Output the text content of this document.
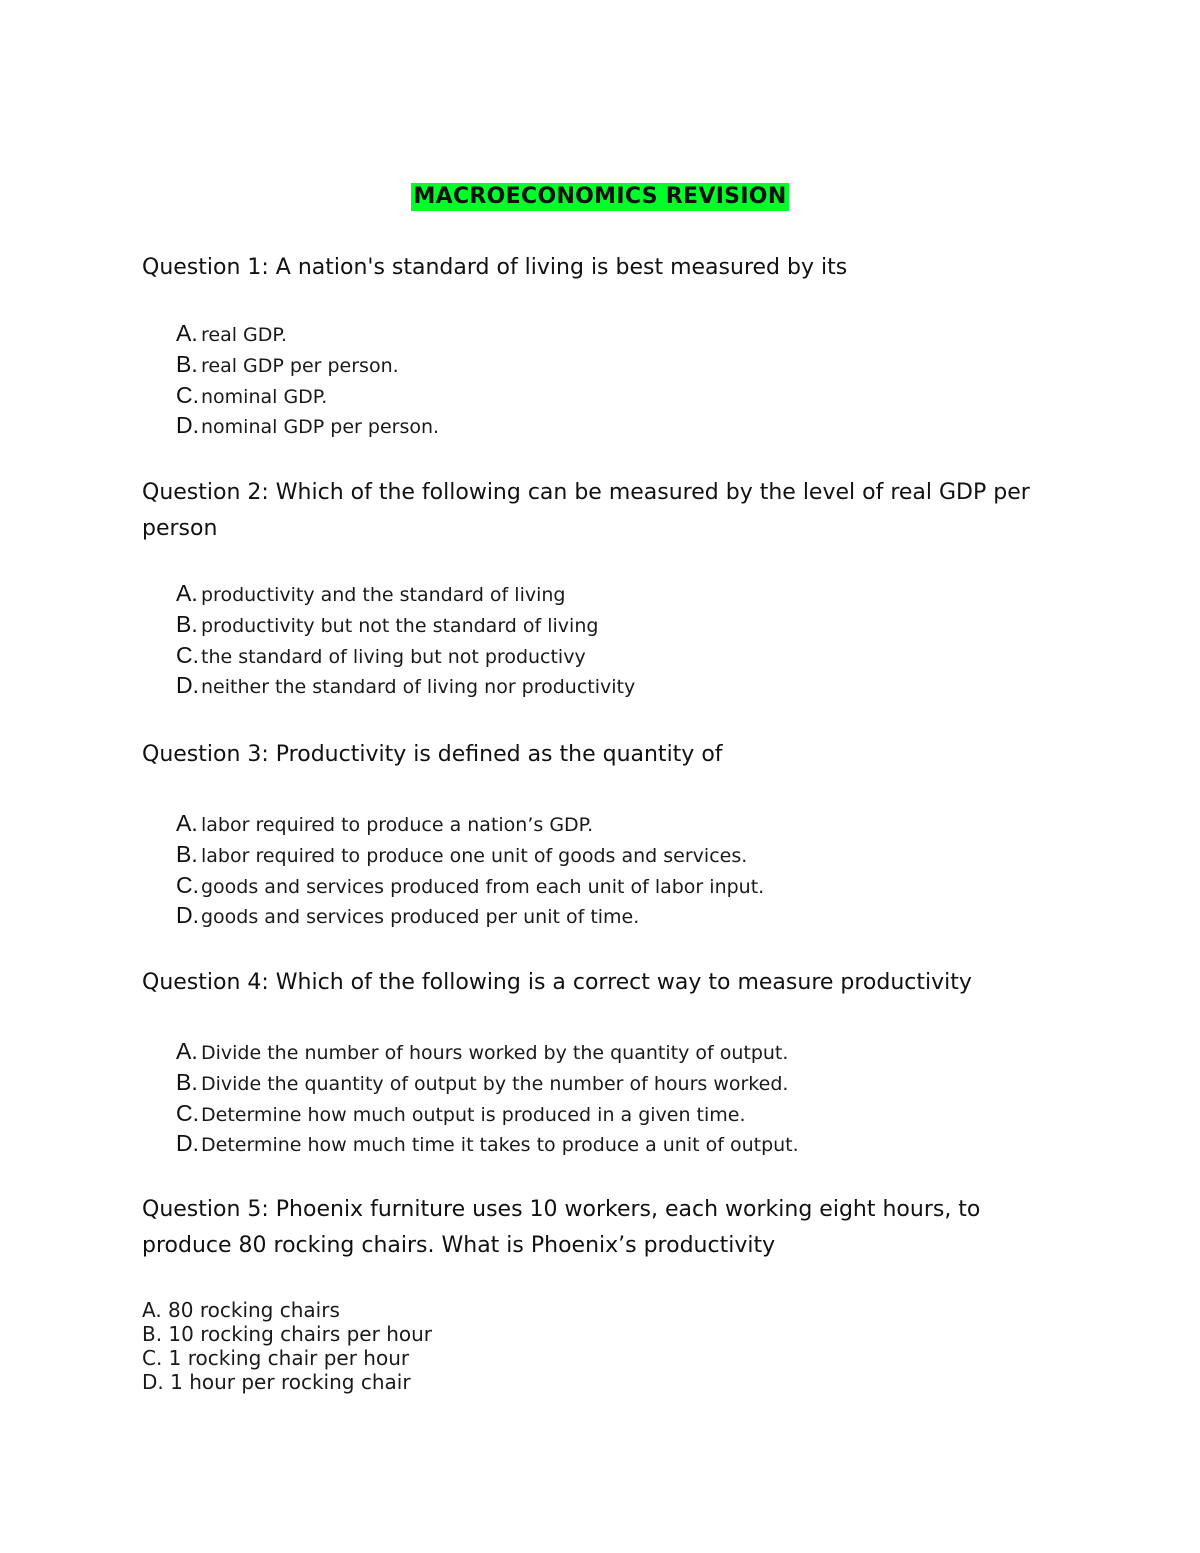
MACROECONOMICS REVISION

Question 1: A nation's standard of living is best measured by its

A. real GDP.
B. real GDP per person.
C. nominal GDP.
D. nominal GDP per person.

Question 2: Which of the following can be measured by the level of real GDP per person

A. productivity and the standard of living
B. productivity but not the standard of living
C. the standard of living but not productivy
D. neither the standard of living nor productivity

Question 3: Productivity is defined as the quantity of

A. labor required to produce a nation’s GDP.
B. labor required to produce one unit of goods and services.
C. goods and services produced from each unit of labor input.
D. goods and services produced per unit of time.

Question 4: Which of the following is a correct way to measure productivity

A. Divide the number of hours worked by the quantity of output.
B. Divide the quantity of output by the number of hours worked.
C. Determine how much output is produced in a given time.
D. Determine how much time it takes to produce a unit of output.

Question 5: Phoenix furniture uses 10 workers, each working eight hours, to produce 80 rocking chairs. What is Phoenix’s productivity

A. 80 rocking chairs
B. 10 rocking chairs per hour
C. 1 rocking chair per hour
D. 1 hour per rocking chair
